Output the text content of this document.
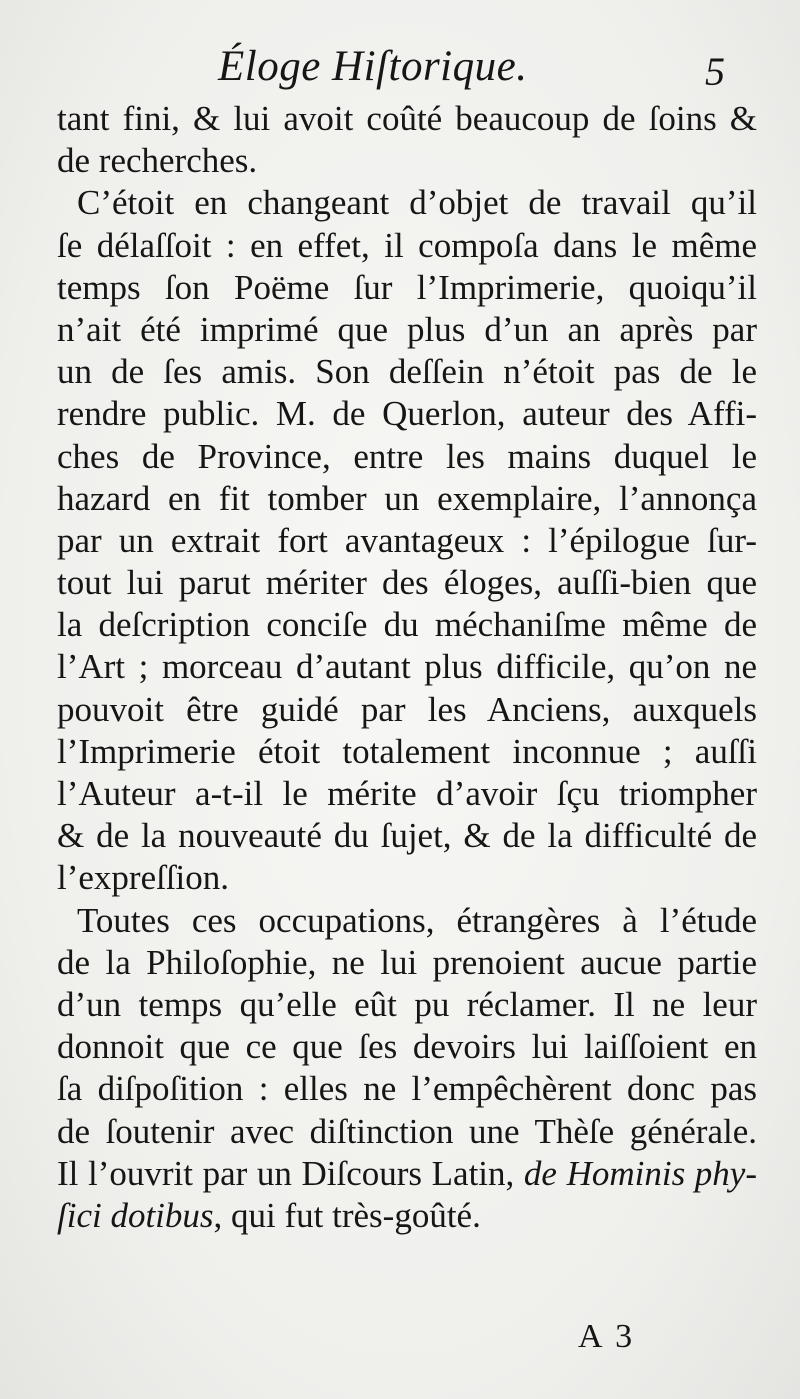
Éloge Hiſtorique.	5
tant fini, & lui avoit coûté beaucoup de ſoins &
de recherches.
C’étoit en changeant d’objet de travail qu’il
ſe délaſſoit : en effet, il compoſa dans le même
temps ſon Poëme ſur l’Imprimerie, quoiqu’il
n’ait été imprimé que plus d’un an après par
un de ſes amis. Son deſſein n’étoit pas de le
rendre public. M. de Querlon, auteur des Affi-
ches de Province, entre les mains duquel le
hazard en fit tomber un exemplaire, l’annonça
par un extrait fort avantageux : l’épilogue ſur-
tout lui parut mériter des éloges, auſſi-bien que
la deſcription conciſe du méchaniſme même de
l’Art ; morceau d’autant plus difficile, qu’on ne
pouvoit être guidé par les Anciens, auxquels
l’Imprimerie étoit totalement inconnue ; auſſi
l’Auteur a-t-il le mérite d’avoir ſçu triompher
& de la nouveauté du ſujet, & de la difficulté de
l’expreſſion.
Toutes ces occupations, étrangères à l’étude
de la Philoſophie, ne lui prenoient aucue partie
d’un temps qu’elle eût pu réclamer. Il ne leur
donnoit que ce que ſes devoirs lui laiſſoient en
ſa diſpoſition : elles ne l’empêchèrent donc pas
de ſoutenir avec diſtinction une Thèſe générale.
Il l’ouvrit par un Diſcours Latin, de Hominis phy-
ſici dotibus, qui fut très-goûté.
A 3
